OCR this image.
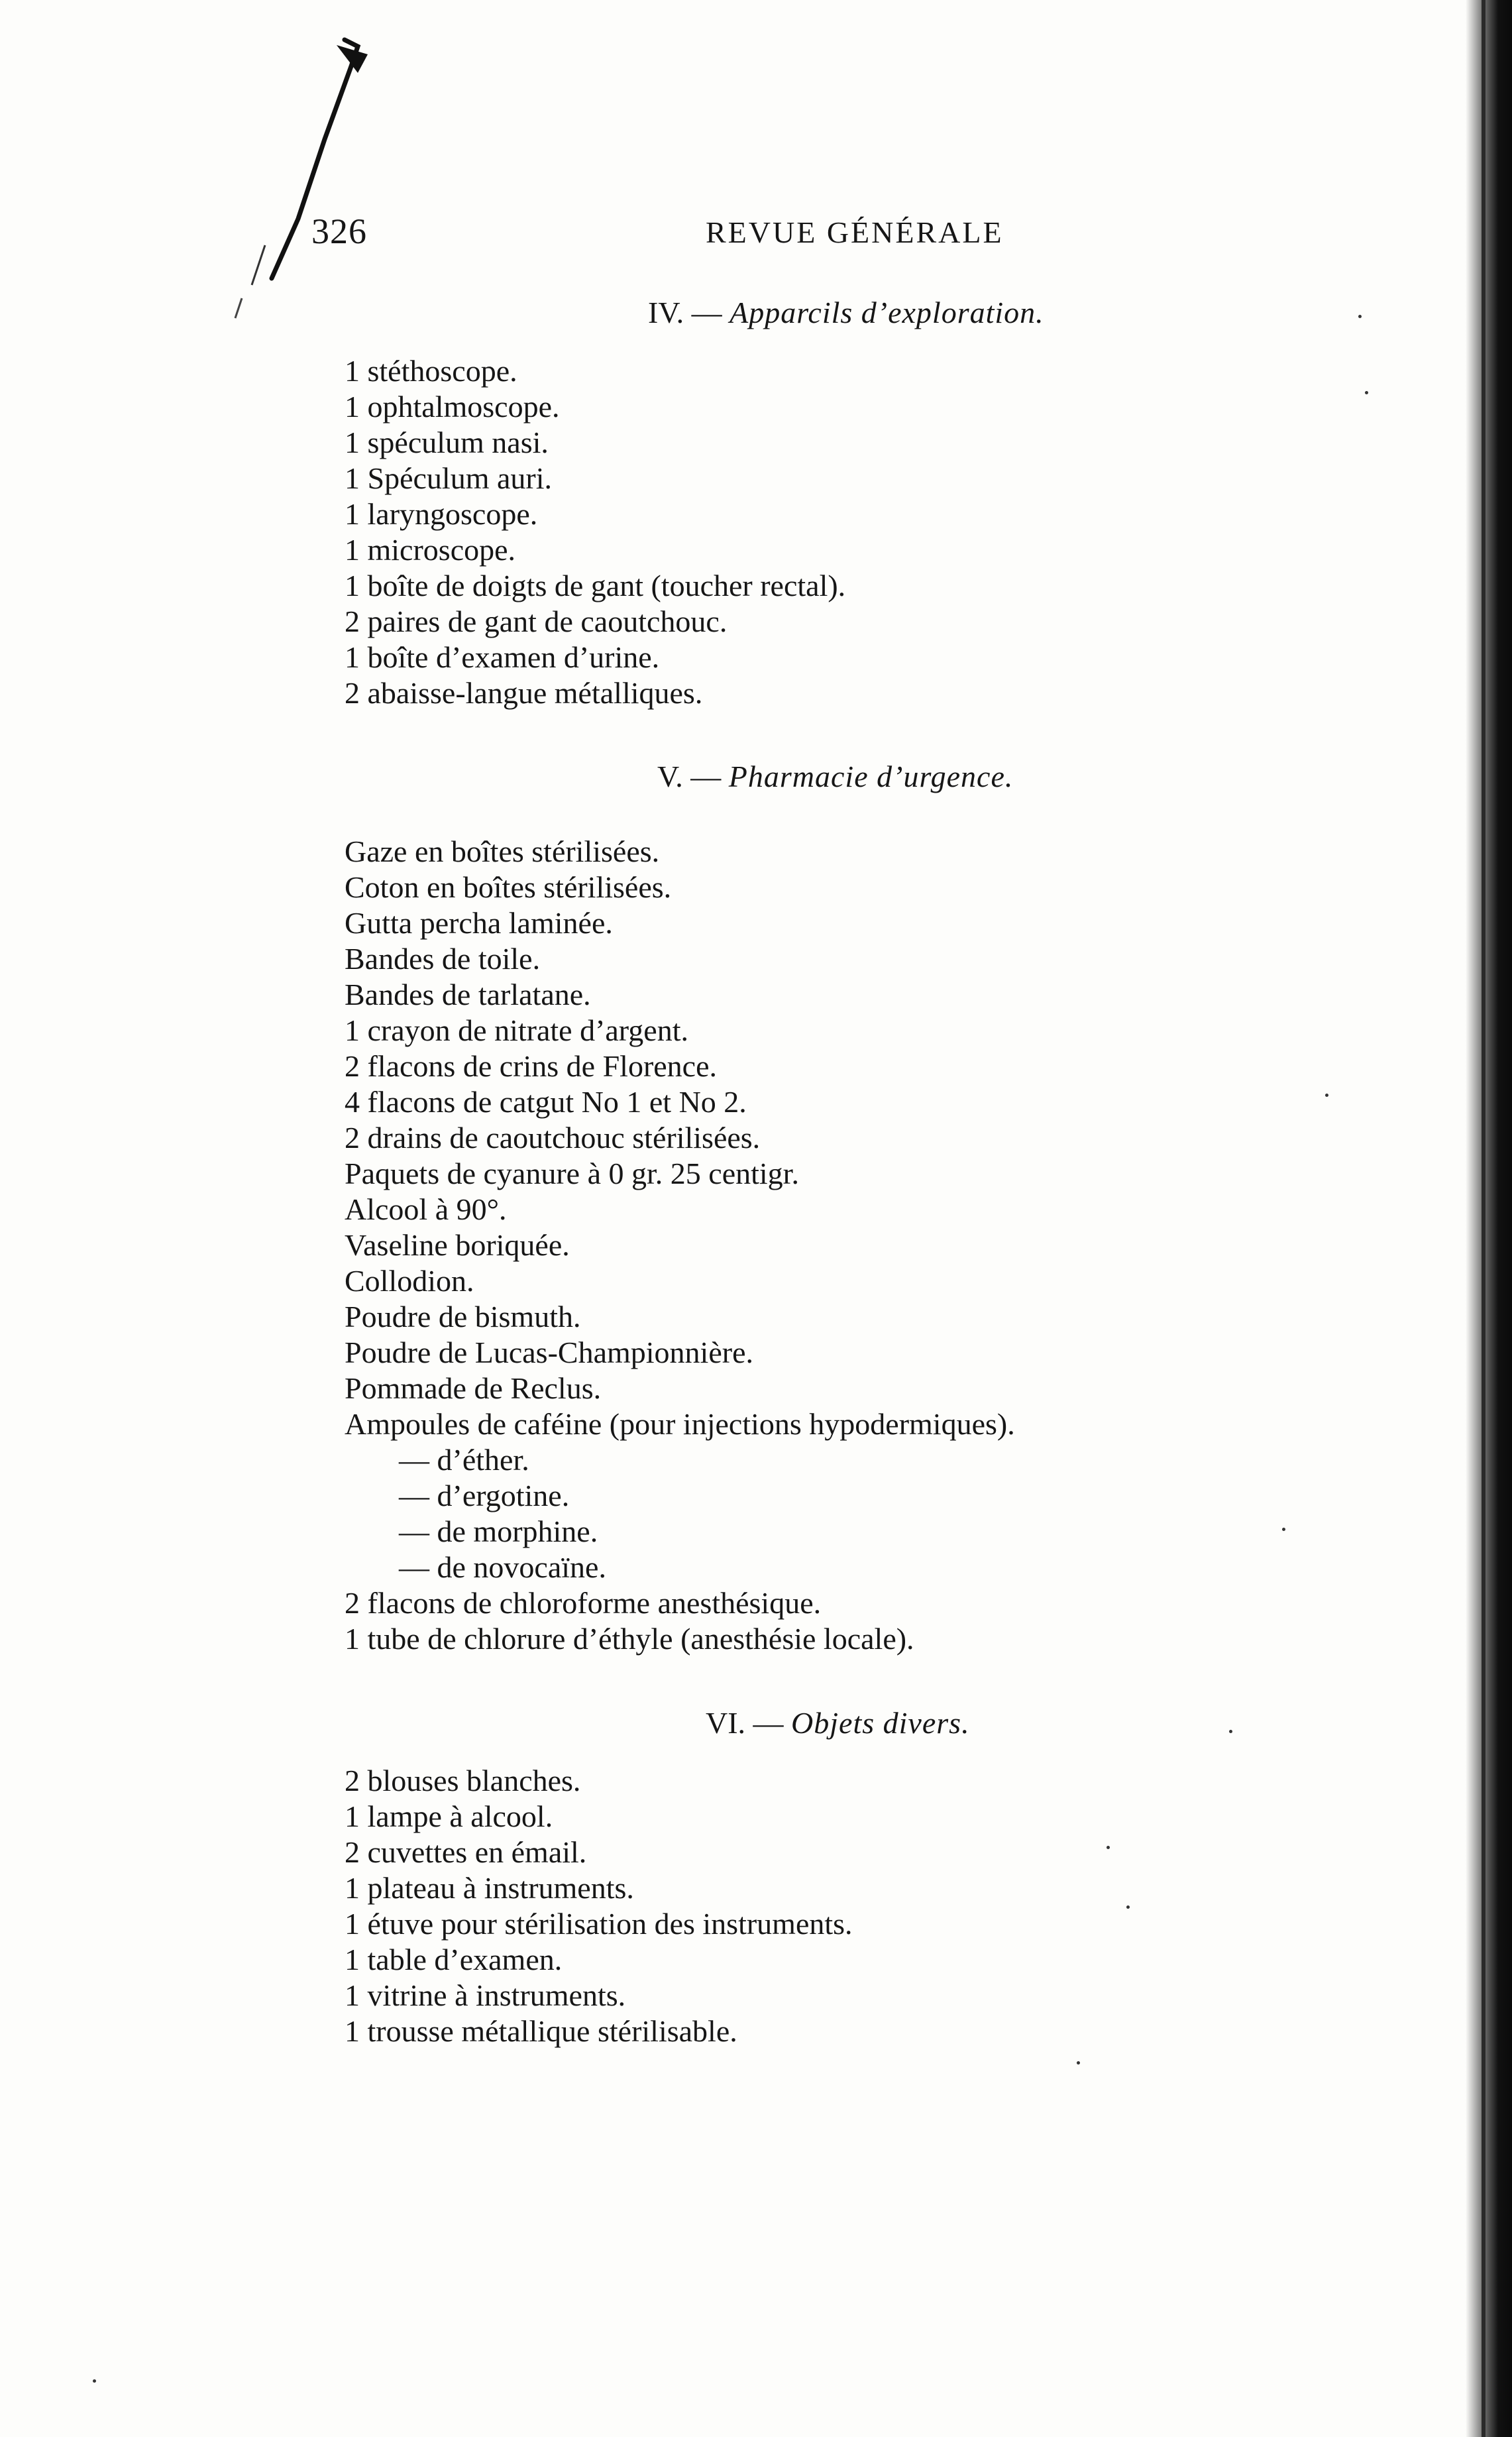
326	REVUE GÉNÉRALE
IV. — Apparcils d’exploration.
1 stéthoscope.
1 ophtalmoscope.
1 spéculum nasi.
1 Spéculum auri.
1 laryngoscope.
1 microscope.
1 boîte de doigts de gant (toucher rectal).
2 paires de gant de caoutchouc.
1 boîte d’examen d’urine.
2 abaisse-langue métalliques.
V. — Pharmacie d’urgence.
Gaze en boîtes stérilisées.
Coton en boîtes stérilisées.
Gutta percha laminée.
Bandes de toile.
Bandes de tarlatane.
1 crayon de nitrate d’argent.
2 flacons de crins de Florence.
4 flacons de catgut No 1 et No 2.
2 drains de caoutchouc stérilisées.
Paquets de cyanure à 0 gr. 25 centigr.
Alcool à 90°.
Vaseline boriquée.
Collodion.
Poudre de bismuth.
Poudre de Lucas-Championnière.
Pommade de Reclus.
Ampoules de caféine (pour injections hypodermiques).
— d’éther.
— d’ergotine.
— de morphine.
— de novocaïne.
2 flacons de chloroforme anesthésique.
1 tube de chlorure d’éthyle (anesthésie locale).
VI. — Objets divers.
2 blouses blanches.
1 lampe à alcool.
2 cuvettes en émail.
1 plateau à instruments.
1 étuve pour stérilisation des instruments.
1 table d’examen.
1 vitrine à instruments.
1 trousse métallique stérilisable.
